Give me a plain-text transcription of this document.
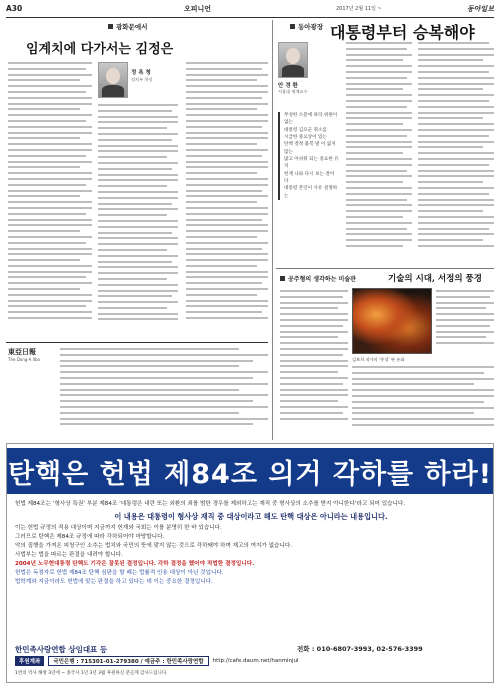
A30	오피니언	2017년 2월 11일 ~	동아일보
광화문에서
임계치에 다가서는 김정은
정 욕 청
정치부 차장
東亞日報
The Dong-A Ilbo
동아광장 대통령부터 승복해야
안 경 환
서울대 명예교수
무성한 소문에 따라 위원이 없는
대통령 김포군 취소를
시급한 중요상이 있는
탄핵 결정 불복 말 이 없지 않는
많고 아쉬워 되는 중요한 유지
헌재 나와 다시 보는 결이 다
대통령 본인이 사유 설명하는
공주형의 생각하는 미술관	기술의 시대, 서정의 풍경
김보희 작가의 ‘풍경’ 판 유화
탄핵은 헌법 제84조 의거 각하를 하라!
헌법 제84조는 ‘형사상 특권’ 부분 제84조 ‘대통령은 내란 또는 외환의 죄를 범한 경우를 제외하고는 재직 중 형사상의 소추를 받지 아니한다’라고 되어 있습니다.
이 내용은 대통령이 형사상 재직 중 대상이라고 해도 탄핵 대상은 아니라는 내용입니다.
이는 헌법 규정의 적용 대상이며 지금까지 헌재와 국회는 이를 분명히 한 바 있습니다.
그러므로 탄핵은 제84조 규정에 따라 각하되어야 마땅합니다.
악의 집행을 가져온 피청구인 소추는 법치와 국민의 뜻에 맞지 않는 것으로 각하돼야 하며 재고의 여지가 없습니다.
사법부는 법을 따르는 판결을 내려야 합니다.
2004년 노무현대통령 탄핵도 기각은 잘못된 결정입니다. 각하 결정을 했어야 적법한 결정입니다.
헌법은 독점자로 헌법 제84조 탄핵 심판을 할 때는 법률적 인용 대상이 아닌 것입니다.
법학계와 지금이라도 헌법에 맞는 판결을 하고 있다는 데 이는 중요한 결정입니다.
한민족사랑연합 상임대표 등	전화 : 010-6807-3993, 02-576-3399
후원계좌	국민은행 : 715301-01-279380 / 예금주 : 한민족사랑연합	http://cafe.daum.net/hanminjul
1번의 역사 해방 3년에 ~ 종국사 1년 3년 3월 후원하신 분들께 감사드립니다.
